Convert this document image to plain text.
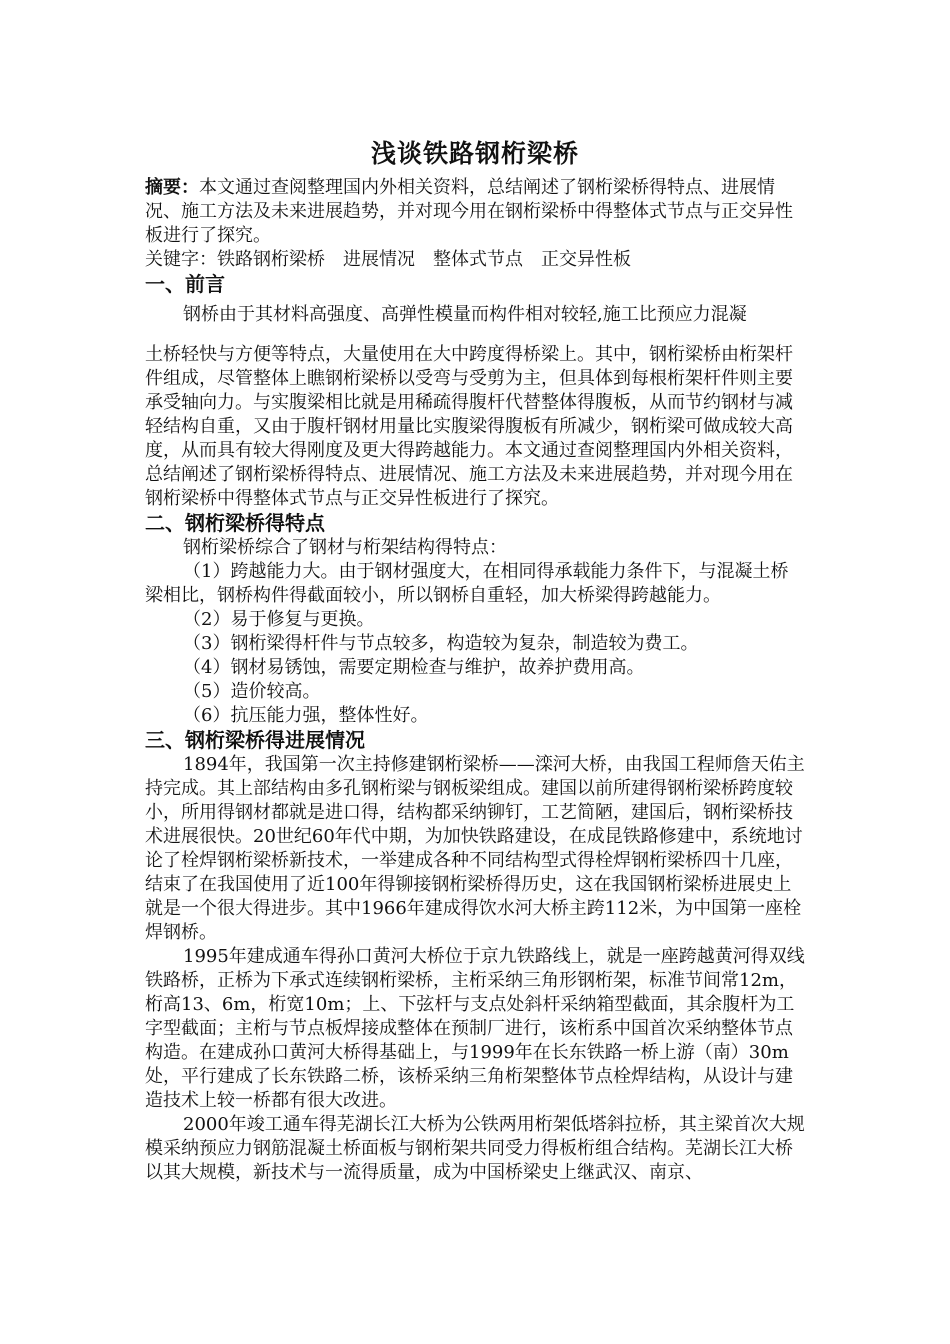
浅谈铁路钢桁梁桥

摘要：本文通过查阅整理国内外相关资料，总结阐述了钢桁梁桥得特点、进展情况、施工方法及未来进展趋势，并对现今用在钢桁梁桥中得整体式节点与正交异性板进行了探究。

关键字：铁路钢桁梁桥 进展情况 整体式节点 正交异性板

一、前言

钢桥由于其材料高强度、高弹性模量而构件相对较轻,施工比预应力混凝

土桥轻快与方便等特点，大量使用在大中跨度得桥梁上。其中，钢桁梁桥由桁架杆件组成，尽管整体上瞧钢桁梁桥以受弯与受剪为主，但具体到每根桁架杆件则主要承受轴向力。与实腹梁相比就是用稀疏得腹杆代替整体得腹板，从而节约钢材与减轻结构自重，又由于腹杆钢材用量比实腹梁得腹板有所减少，钢桁梁可做成较大高度，从而具有较大得刚度及更大得跨越能力。本文通过查阅整理国内外相关资料，总结阐述了钢桁梁桥得特点、进展情况、施工方法及未来进展趋势，并对现今用在钢桁梁桥中得整体式节点与正交异性板进行了探究。

二、钢桁梁桥得特点

钢桁梁桥综合了钢材与桁架结构得特点：

（1）跨越能力大。由于钢材强度大，在相同得承载能力条件下，与混凝土桥梁相比，钢桥构件得截面较小，所以钢桥自重轻，加大桥梁得跨越能力。

（2）易于修复与更换。

（3）钢桁梁得杆件与节点较多，构造较为复杂，制造较为费工。

（4）钢材易锈蚀，需要定期检查与维护，故养护费用高。

（5）造价较高。

（6）抗压能力强，整体性好。

三、钢桁梁桥得进展情况

1894年，我国第一次主持修建钢桁梁桥——滦河大桥，由我国工程师詹天佑主持完成。其上部结构由多孔钢桁梁与钢板梁组成。建国以前所建得钢桁梁桥跨度较小，所用得钢材都就是进口得，结构都采纳铆钉，工艺简陋，建国后，钢桁梁桥技术进展很快。20世纪60年代中期，为加快铁路建设，在成昆铁路修建中，系统地讨论了栓焊钢桁梁桥新技术，一举建成各种不同结构型式得栓焊钢桁梁桥四十几座，结束了在我国使用了近100年得铆接钢桁梁桥得历史，这在我国钢桁梁桥进展史上就是一个很大得进步。其中1966年建成得饮水河大桥主跨112米，为中国第一座栓焊钢桥。

1995年建成通车得孙口黄河大桥位于京九铁路线上，就是一座跨越黄河得双线铁路桥，正桥为下承式连续钢桁梁桥，主桁采纳三角形钢桁架，标准节间常12m，桁高13、6m，桁宽10m；上、下弦杆与支点处斜杆采纳箱型截面，其余腹杆为工字型截面；主桁与节点板焊接成整体在预制厂进行，该桁系中国首次采纳整体节点构造。在建成孙口黄河大桥得基础上，与1999年在长东铁路一桥上游（南）30m处，平行建成了长东铁路二桥，该桥采纳三角桁架整体节点栓焊结构，从设计与建造技术上较一桥都有很大改进。

2000年竣工通车得芜湖长江大桥为公铁两用桁架低塔斜拉桥，其主梁首次大规模采纳预应力钢筋混凝土桥面板与钢桁架共同受力得板桁组合结构。芜湖长江大桥以其大规模，新技术与一流得质量，成为中国桥梁史上继武汉、南京、
